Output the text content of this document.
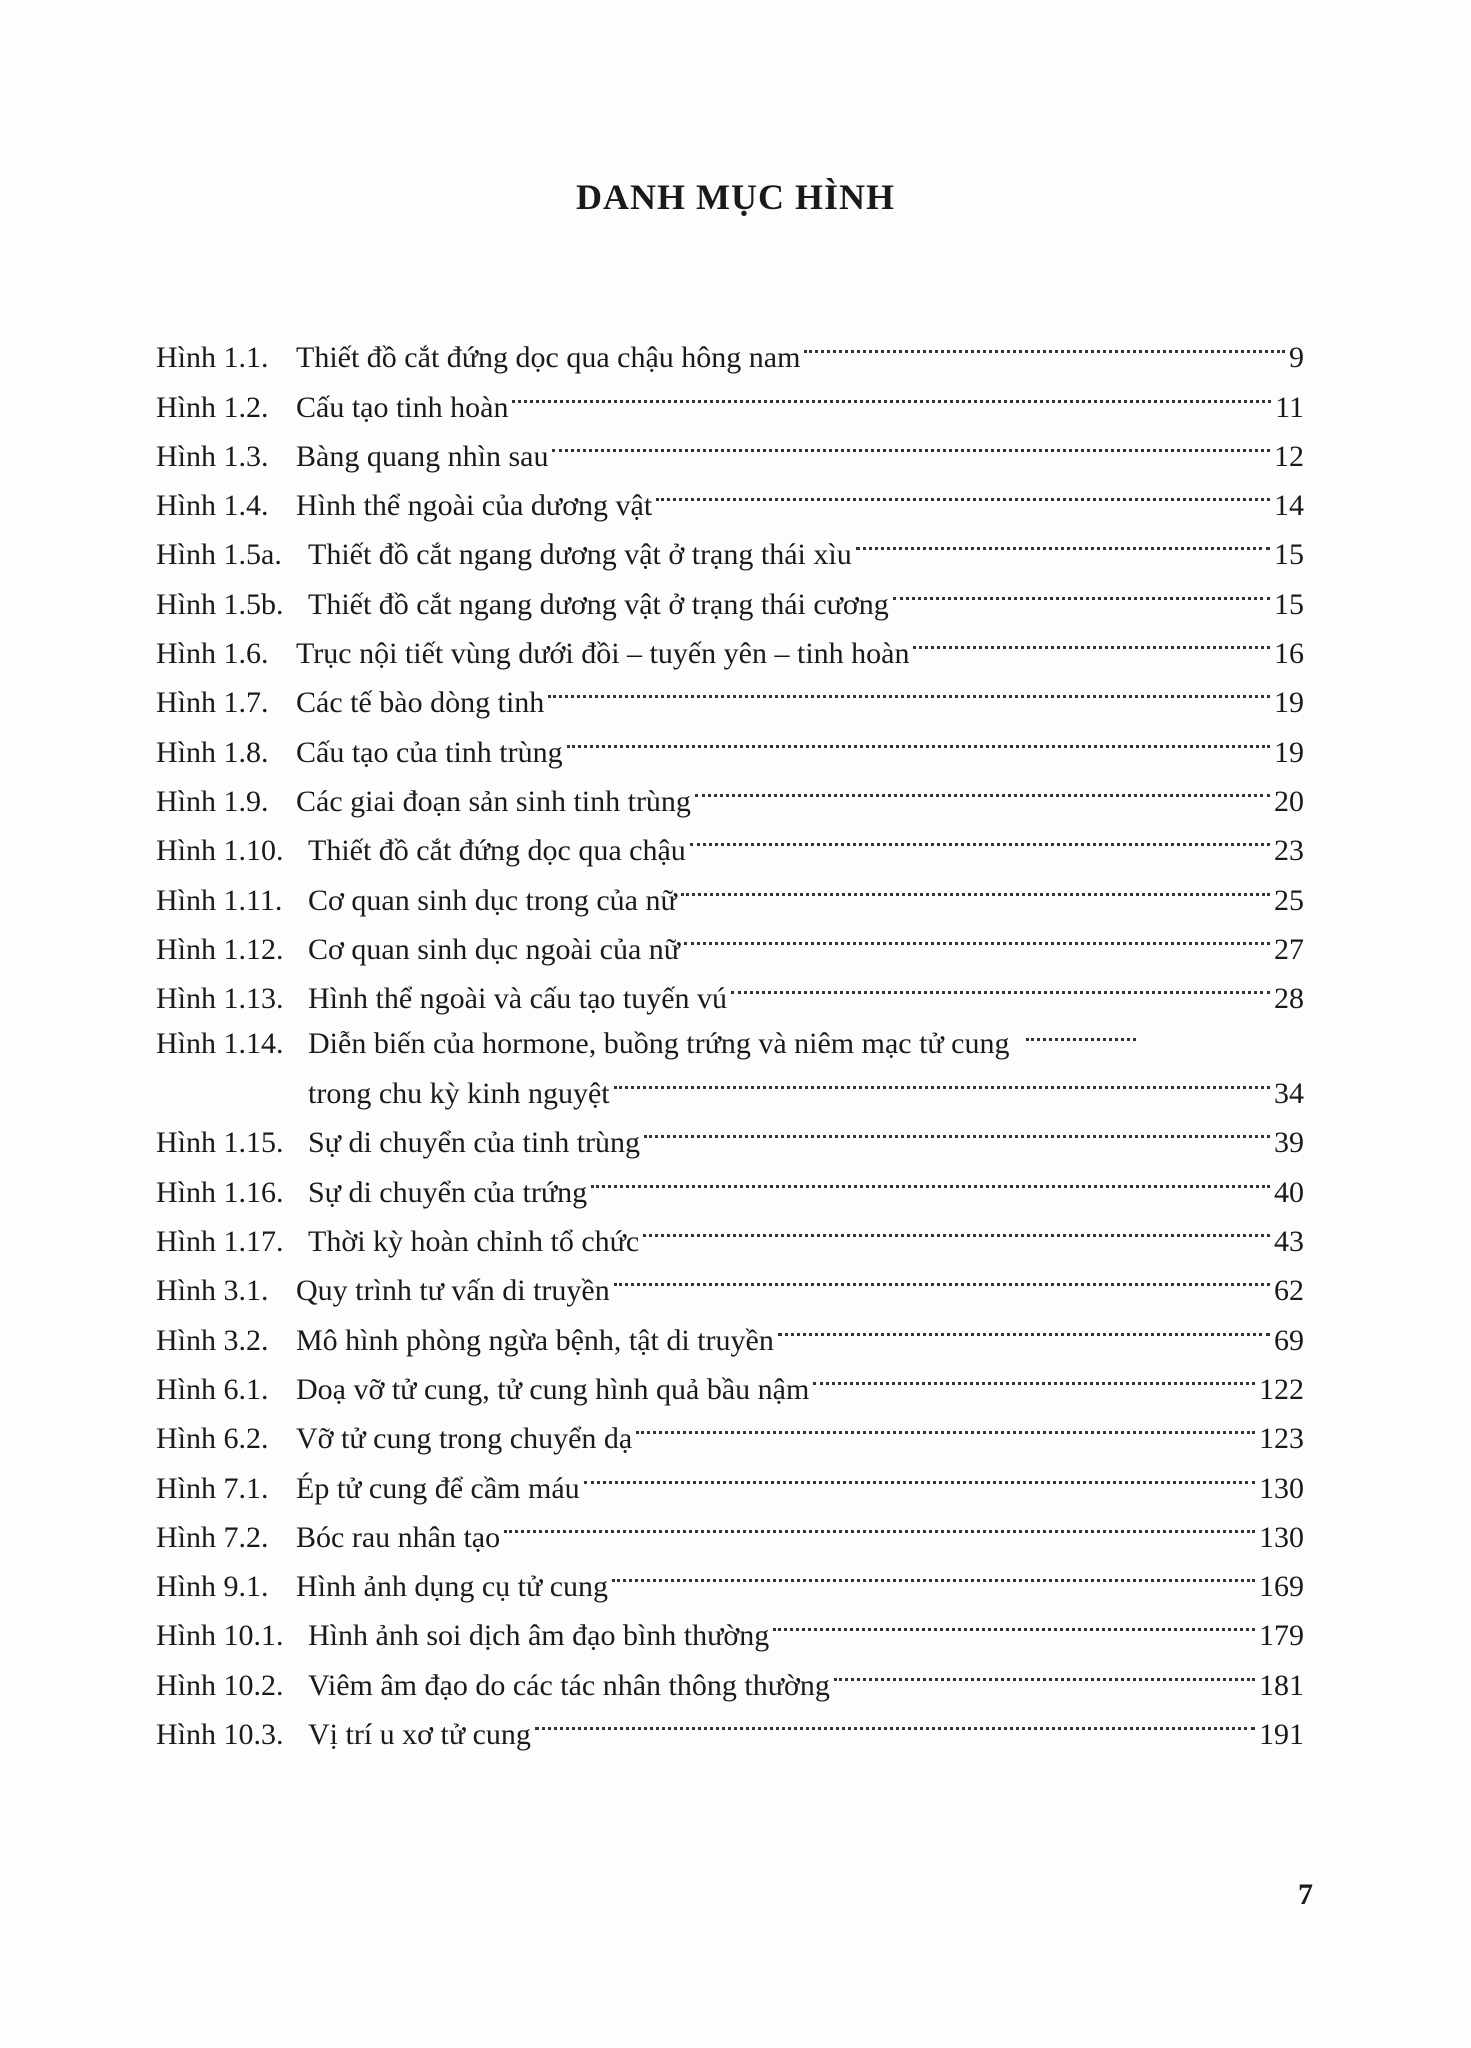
DANH MỤC HÌNH
Hình 1.1. Thiết đồ cắt đứng dọc qua chậu hông nam	9
Hình 1.2. Cấu tạo tinh hoàn	11
Hình 1.3. Bàng quang nhìn sau	12
Hình 1.4. Hình thể ngoài của dương vật	14
Hình 1.5a. Thiết đồ cắt ngang dương vật ở trạng thái xìu	15
Hình 1.5b. Thiết đồ cắt ngang dương vật ở trạng thái cương	15
Hình 1.6. Trục nội tiết vùng dưới đồi – tuyến yên – tinh hoàn	16
Hình 1.7. Các tế bào dòng tinh	19
Hình 1.8. Cấu tạo của tinh trùng	19
Hình 1.9. Các giai đoạn sản sinh tinh trùng	20
Hình 1.10. Thiết đồ cắt đứng dọc qua chậu	23
Hình 1.11. Cơ quan sinh dục trong của nữ	25
Hình 1.12. Cơ quan sinh dục ngoài của nữ	27
Hình 1.13. Hình thể ngoài và cấu tạo tuyến vú	28
Hình 1.14. Diễn biến của hormone, buồng trứng và niêm mạc tử cung
trong chu kỳ kinh nguyệt	34
Hình 1.15. Sự di chuyển của tinh trùng	39
Hình 1.16. Sự di chuyển của trứng	40
Hình 1.17. Thời kỳ hoàn chỉnh tổ chức	43
Hình 3.1. Quy trình tư vấn di truyền	62
Hình 3.2. Mô hình phòng ngừa bệnh, tật di truyền	69
Hình 6.1. Doạ vỡ tử cung, tử cung hình quả bầu nậm	122
Hình 6.2. Vỡ tử cung trong chuyển dạ	123
Hình 7.1. Ép tử cung để cầm máu	130
Hình 7.2. Bóc rau nhân tạo	130
Hình 9.1. Hình ảnh dụng cụ tử cung	169
Hình 10.1. Hình ảnh soi dịch âm đạo bình thường	179
Hình 10.2. Viêm âm đạo do các tác nhân thông thường	181
Hình 10.3. Vị trí u xơ tử cung	191
7
